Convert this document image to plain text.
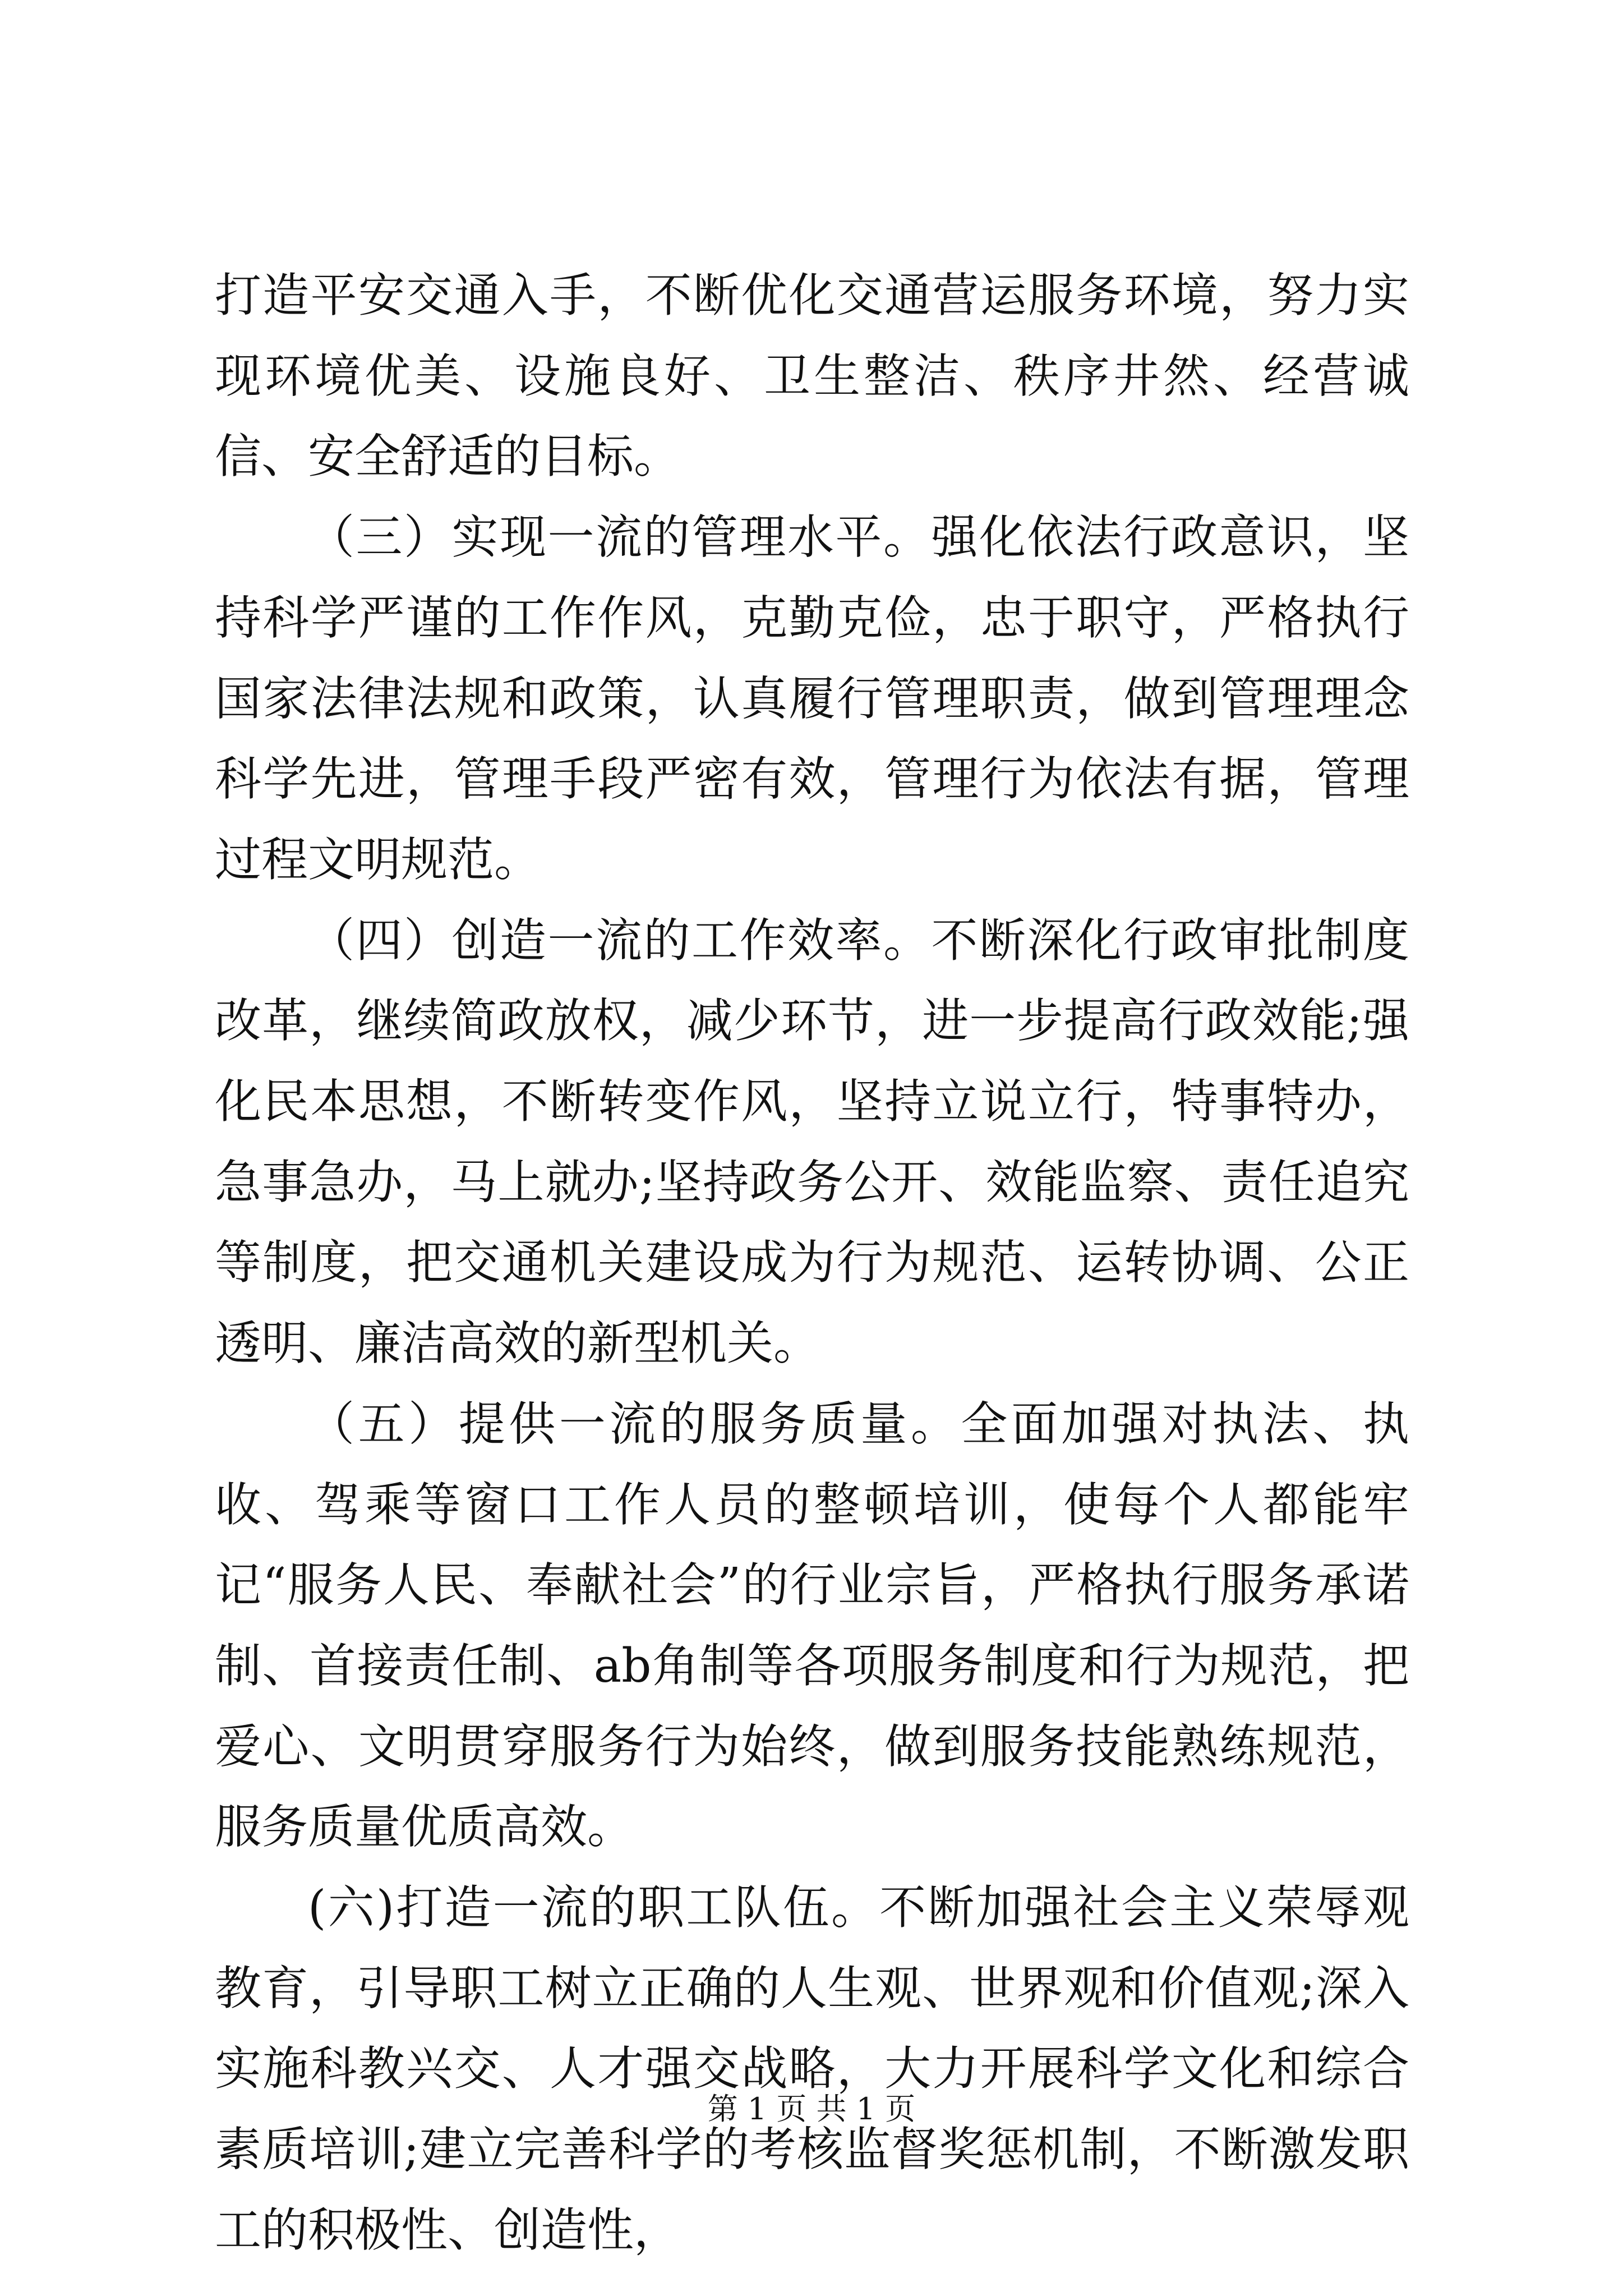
打造平安交通入手，不断优化交通营运服务环境，努力实现环境优美、设施良好、卫生整洁、秩序井然、经营诚信、安全舒适的目标。

（三）实现一流的管理水平。强化依法行政意识，坚持科学严谨的工作作风，克勤克俭，忠于职守，严格执行国家法律法规和政策，认真履行管理职责，做到管理理念科学先进，管理手段严密有效，管理行为依法有据，管理过程文明规范。

（四）创造一流的工作效率。不断深化行政审批制度改革，继续简政放权，减少环节，进一步提高行政效能;强化民本思想，不断转变作风，坚持立说立行，特事特办，急事急办，马上就办;坚持政务公开、效能监察、责任追究等制度，把交通机关建设成为行为规范、运转协调、公正透明、廉洁高效的新型机关。

（五）提供一流的服务质量。全面加强对执法、执收、驾乘等窗口工作人员的整顿培训，使每个人都能牢记“服务人民、奉献社会”的行业宗旨，严格执行服务承诺制、首接责任制、ab角制等各项服务制度和行为规范，把爱心、文明贯穿服务行为始终，做到服务技能熟练规范，服务质量优质高效。

(六)打造一流的职工队伍。不断加强社会主义荣辱观教育，引导职工树立正确的人生观、世界观和价值观;深入实施科教兴交、人才强交战略，大力开展科学文化和综合素质培训;建立完善科学的考核监督奖惩机制，不断激发职工的积极性、创造性，

第 1 页 共 1 页
